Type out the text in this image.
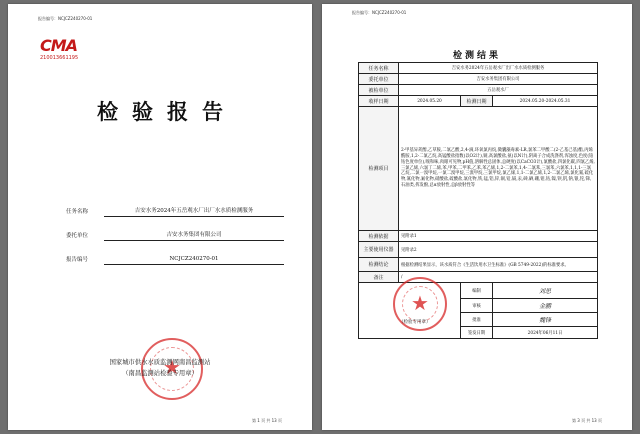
报告编号：NCJCZ240270-01
CMA
210013661195
检验报告
任务名称	吉安水务2024年五岳观水厂出厂水水质检测服务
委托单位	吉安水务集团有限公司
报告编号	NCJCZ240270-01
★
国家城市供水水质监测网南昌监测站
（南昌监测站检验专用章）
第 1 页 共 13 页
报告编号：NCJCZ240270-01
检测结果
任务名称	吉安水务2024年五岳观水厂出厂水水质检测服务		
委托单位	吉安水务集团有限公司		
被检单位	五岳观水厂		
收样日期	2024.05.20	检测日期	2024.05.20-2024.05.31
检测项目	2-甲基异莰醇,乙草胺,二氯乙酸,2,4-滴,环氧氯丙烷,微囊藻毒素-LR,氯苯二甲酸二(2-乙基己基)酯,丙烯酰胺,1,2-二氯乙烷,高锰酸盐指数(以O2计),铜,高氯酸盐,氨(以N计),阴离子合成洗涤剂,浑浊度,色度(铂钴色度单位),嗅和味,肉眼可见物,pH值,溶解性总固体,总硬度(以CaCO3计),氯酸盐,四氯化碳,四氯乙烯,三氯乙烯,六氯丁二烯,苯,甲苯,二甲苯,乙苯,苯乙烯,1,2-二氯苯,1,4-二氯苯,三氯苯,六氯苯,1,1,1-三氯乙烷,二氯一溴甲烷,一氯二溴甲烷,三溴甲烷,三氯甲烷,氯乙烯,1,1-二氯乙烯,1,2-二氯乙烯,氯化氰,硫化物,氰化物,氟化物,硝酸盐,硫酸盐,氯化物,铁,锰,铝,锌,铜,铅,镉,汞,砷,硒,硼,钼,钴,镍,钡,钒,钠,银,铊,锑,石油类,挥发酚,总α放射性,总β放射性等		
检测依据	见附录1		
主要使用仪器	见附录2		
检测结论	根据检测结果显示，该水质符合《生活饮用水卫生标准》(GB 5749-2022)的标准要求。		
备注	/		

★
（检验专用章）		编制	刘思
		审核	金鹏
		批准	魏锋
		签发日期	2024年06月11日
第 3 页 共 13 页
